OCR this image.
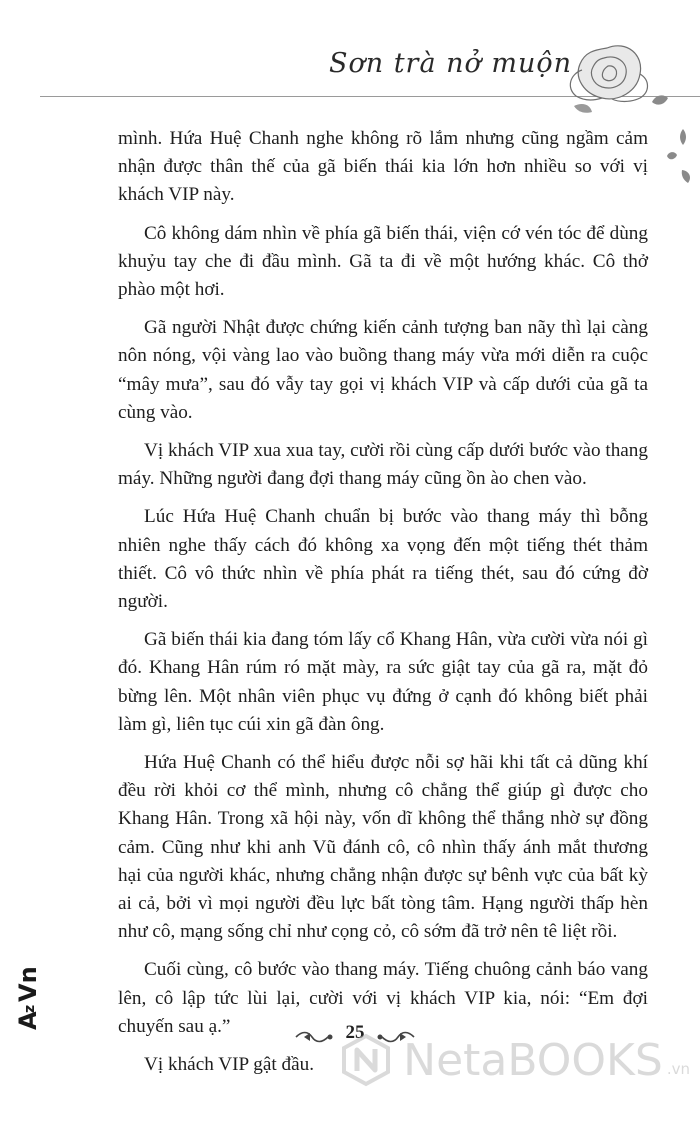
Sơn trà nở muộn

mình. Hứa Huệ Chanh nghe không rõ lắm nhưng cũng ngầm cảm nhận được thân thế của gã biến thái kia lớn hơn nhiều so với vị khách VIP này.

Cô không dám nhìn về phía gã biến thái, viện cớ vén tóc để dùng khuỷu tay che đi đầu mình. Gã ta đi về một hướng khác. Cô thở phào một hơi.

Gã người Nhật được chứng kiến cảnh tượng ban nãy thì lại càng nôn nóng, vội vàng lao vào buồng thang máy vừa mới diễn ra cuộc “mây mưa”, sau đó vẫy tay gọi vị khách VIP và cấp dưới của gã ta cùng vào.

Vị khách VIP xua xua tay, cười rồi cùng cấp dưới bước vào thang máy. Những người đang đợi thang máy cũng ồn ào chen vào.

Lúc Hứa Huệ Chanh chuẩn bị bước vào thang máy thì bỗng nhiên nghe thấy cách đó không xa vọng đến một tiếng thét thảm thiết. Cô vô thức nhìn về phía phát ra tiếng thét, sau đó cứng đờ người.

Gã biến thái kia đang tóm lấy cổ Khang Hân, vừa cười vừa nói gì đó. Khang Hân rúm ró mặt mày, ra sức giật tay của gã ra, mặt đỏ bừng lên. Một nhân viên phục vụ đứng ở cạnh đó không biết phải làm gì, liên tục cúi xin gã đàn ông.

Hứa Huệ Chanh có thể hiểu được nỗi sợ hãi khi tất cả dũng khí đều rời khỏi cơ thể mình, nhưng cô chẳng thể giúp gì được cho Khang Hân. Trong xã hội này, vốn dĩ không thể thắng nhờ sự đồng cảm. Cũng như khi anh Vũ đánh cô, cô nhìn thấy ánh mắt thương hại của người khác, nhưng chẳng nhận được sự bênh vực của bất kỳ ai cả, bởi vì mọi người đều lực bất tòng tâm. Hạng người thấp hèn như cô, mạng sống chỉ như cọng cỏ, cô sớm đã trở nên tê liệt rồi.

Cuối cùng, cô bước vào thang máy. Tiếng chuông cảnh báo vang lên, cô lập tức lùi lại, cười với vị khách VIP kia, nói: “Em đợi chuyến sau ạ.”

Vị khách VIP gật đầu.

A
z
Vn
25
NetaBOOKS .vn
